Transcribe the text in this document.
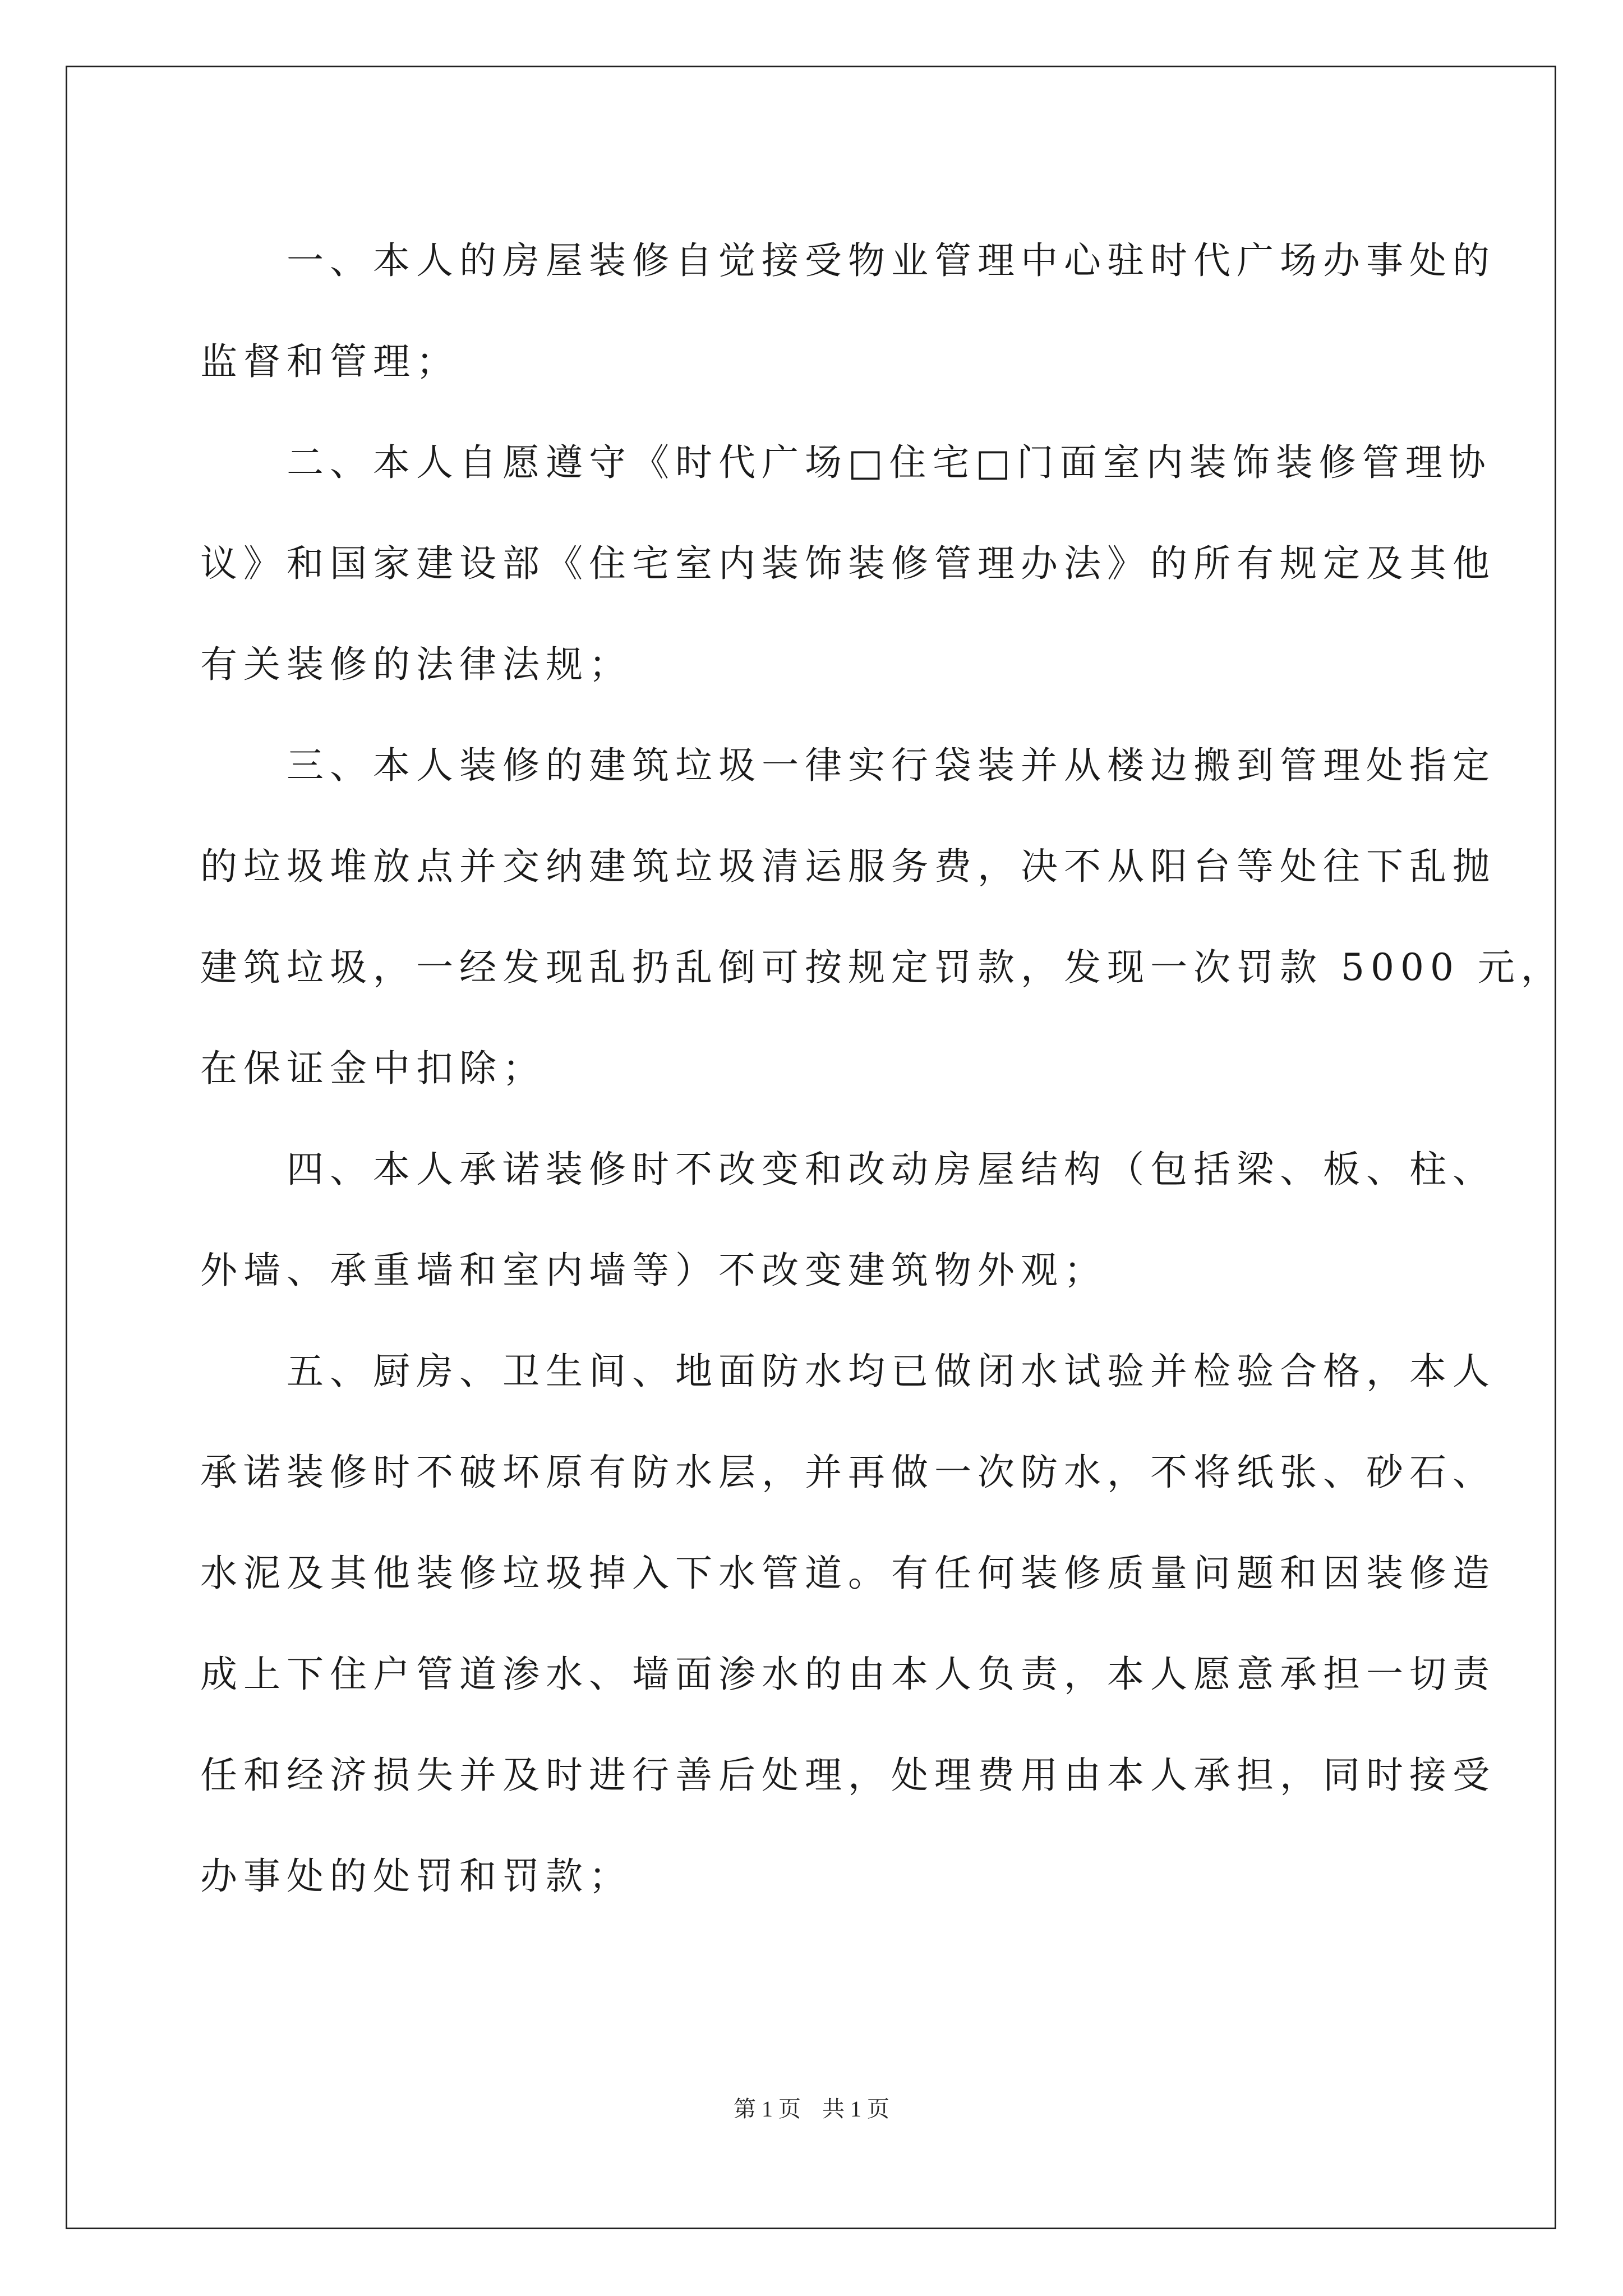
一、本人的房屋装修自觉接受物业管理中心驻时代广场办事处的
监督和管理；

二、本人自愿遵守《时代广场□住宅□门面室内装饰装修管理协
议》和国家建设部《住宅室内装饰装修管理办法》的所有规定及其他
有关装修的法律法规；

三、本人装修的建筑垃圾一律实行袋装并从楼边搬到管理处指定
的垃圾堆放点并交纳建筑垃圾清运服务费，决不从阳台等处往下乱抛
建筑垃圾，一经发现乱扔乱倒可按规定罚款，发现一次罚款 5000 元，
在保证金中扣除；

四、本人承诺装修时不改变和改动房屋结构（包括梁、板、柱、
外墙、承重墙和室内墙等）不改变建筑物外观；

五、厨房、卫生间、地面防水均已做闭水试验并检验合格，本人
承诺装修时不破坏原有防水层，并再做一次防水，不将纸张、砂石、
水泥及其他装修垃圾掉入下水管道。有任何装修质量问题和因装修造
成上下住户管道渗水、墙面渗水的由本人负责，本人愿意承担一切责
任和经济损失并及时进行善后处理，处理费用由本人承担，同时接受
办事处的处罚和罚款；

第 1 页 共 1 页
